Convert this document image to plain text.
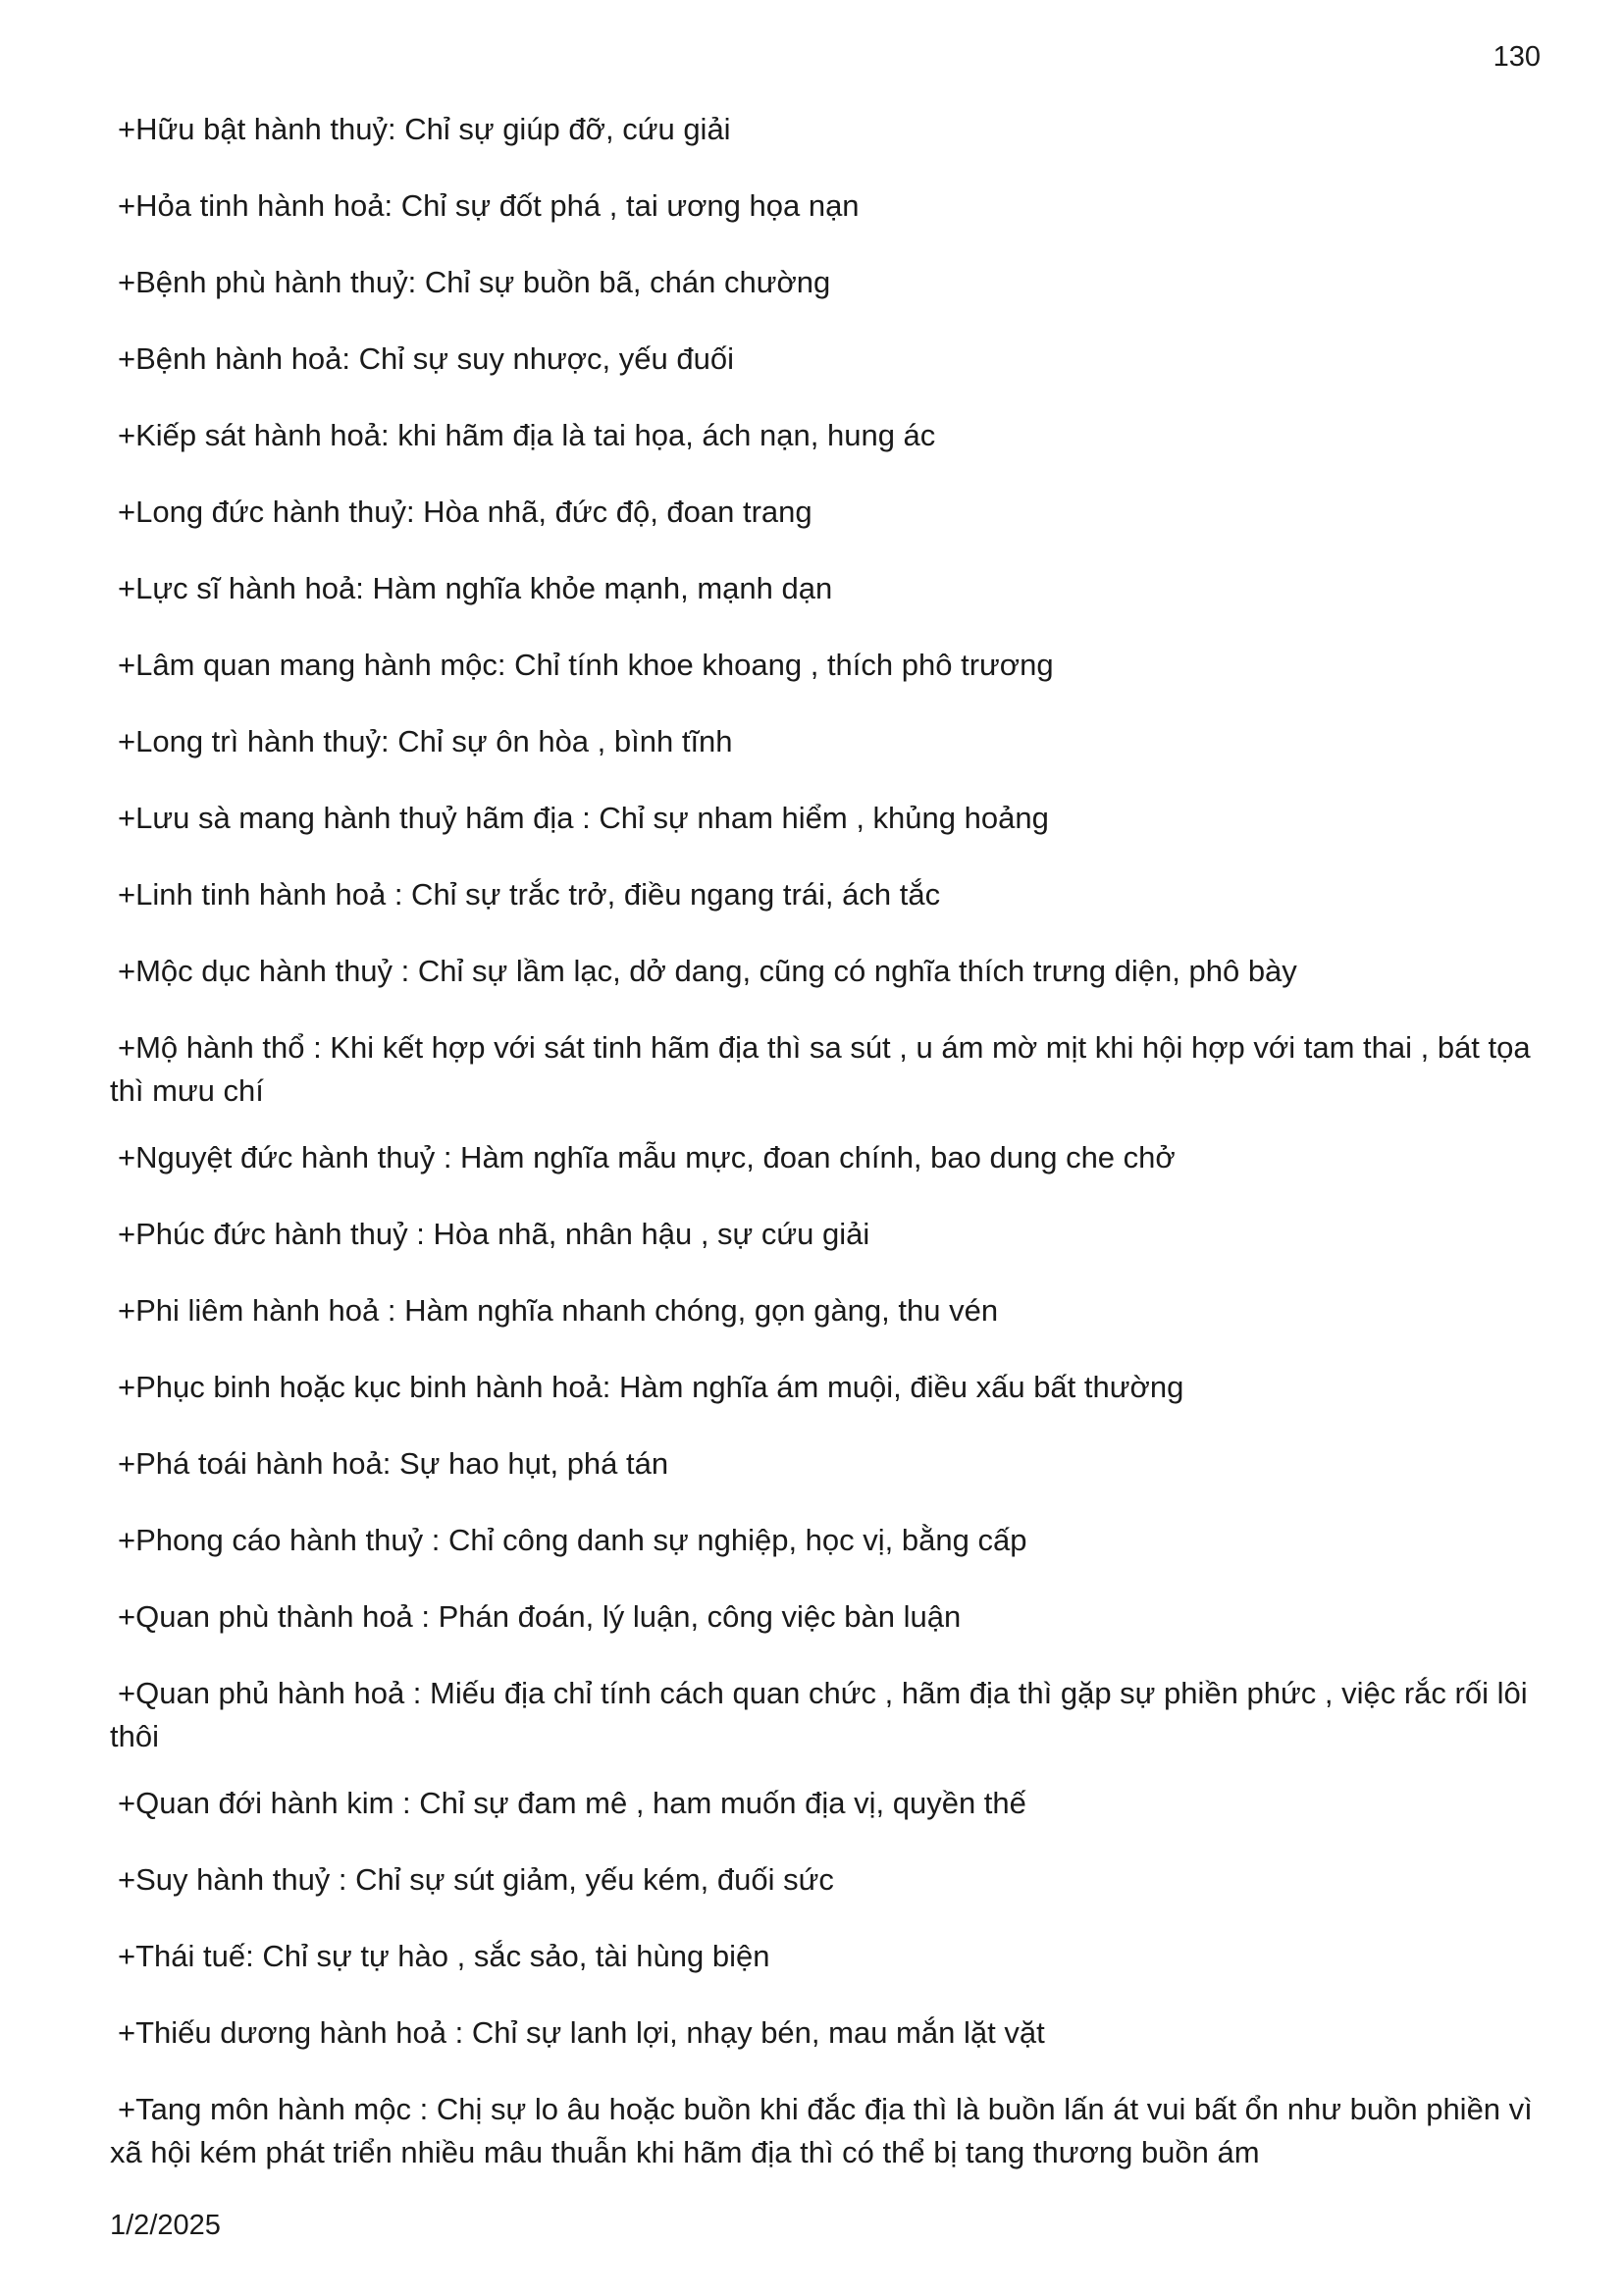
130
+Hữu bật hành thuỷ: Chỉ sự giúp đỡ, cứu giải
+Hỏa tinh hành hoả: Chỉ sự đốt phá , tai ương họa nạn
+Bệnh phù hành thuỷ: Chỉ sự buồn bã, chán chường
+Bệnh hành hoả: Chỉ sự suy nhược, yếu đuối
+Kiếp sát hành hoả: khi hãm địa là tai họa, ách nạn, hung ác
+Long đức hành thuỷ: Hòa nhã, đức độ, đoan trang
+Lực sĩ hành hoả: Hàm nghĩa khỏe mạnh, mạnh dạn
+Lâm quan mang hành mộc: Chỉ tính khoe khoang , thích phô trương
+Long trì hành thuỷ: Chỉ sự ôn hòa , bình tĩnh
+Lưu sà mang hành thuỷ hãm địa : Chỉ sự nham hiểm , khủng hoảng
+Linh tinh hành hoả : Chỉ sự trắc trở, điều ngang trái, ách tắc
+Mộc dục hành thuỷ : Chỉ sự lầm lạc, dở dang, cũng có nghĩa thích trưng diện, phô bày
+Mộ hành thổ : Khi kết hợp với sát tinh hãm địa thì sa sút , u ám mờ mịt khi hội hợp với tam thai , bát tọa thì mưu chí
+Nguyệt đức hành thuỷ : Hàm nghĩa mẫu mực, đoan chính, bao dung che chở
+Phúc đức hành thuỷ : Hòa nhã, nhân hậu , sự cứu giải
+Phi liêm hành hoả : Hàm nghĩa nhanh chóng, gọn gàng, thu vén
+Phục binh hoặc kục binh hành hoả: Hàm nghĩa ám muội, điều xấu bất thường
+Phá toái hành hoả: Sự hao hụt, phá tán
+Phong cáo hành thuỷ : Chỉ công danh sự nghiệp, học vị, bằng cấp
+Quan phù thành hoả : Phán đoán, lý luận, công việc bàn luận
+Quan phủ hành hoả : Miếu địa chỉ tính cách quan chức , hãm địa thì gặp sự phiền phức , việc rắc rối lôi thôi
+Quan đới hành kim : Chỉ sự đam mê , ham muốn địa vị, quyền thế
+Suy hành thuỷ : Chỉ sự sút giảm, yếu kém, đuối sức
+Thái tuế: Chỉ sự tự hào , sắc sảo, tài hùng biện
+Thiếu dương hành hoả : Chỉ sự lanh lợi, nhạy bén, mau mắn lặt vặt
+Tang môn hành mộc : Chị sự lo âu hoặc buồn khi đắc địa thì là buồn lấn át vui bất ổn như buồn phiền vì xã hội kém phát triển nhiều mâu thuẫn khi hãm địa thì có thể bị tang thương buồn ám
1/2/2025
